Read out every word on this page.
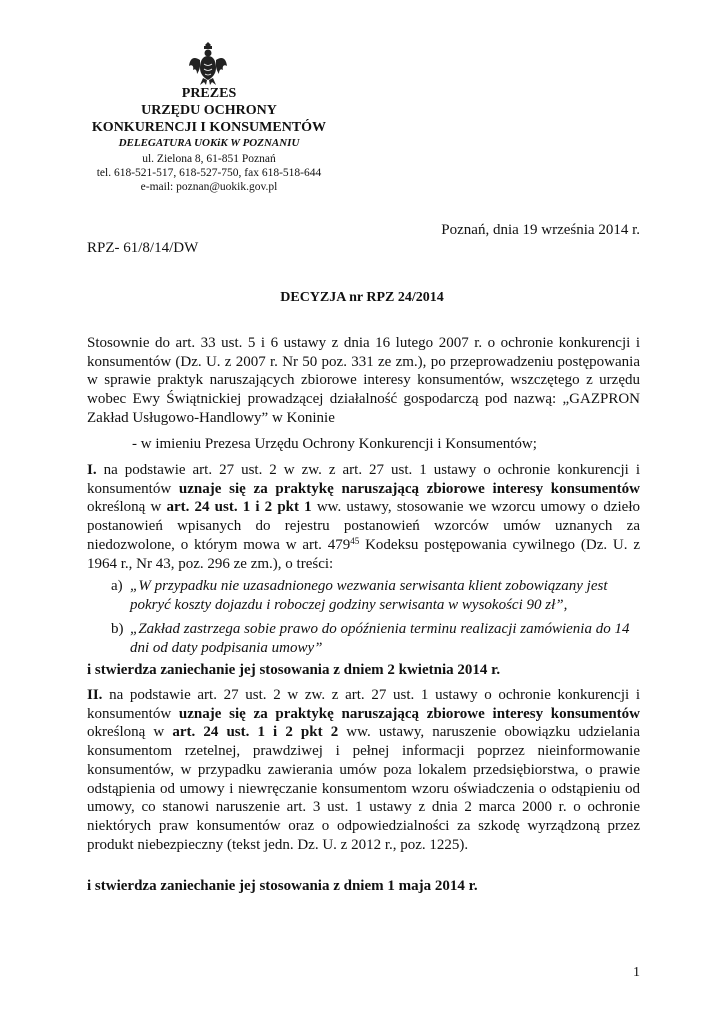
PREZES
URZĘDU OCHRONY
KONKURENCJI I KONSUMENTÓW
DELEGATURA UOKiK W POZNANIU
ul. Zielona 8, 61-851 Poznań
tel. 618-521-517, 618-527-750, fax 618-518-644
e-mail: poznan@uokik.gov.pl
Poznań, dnia 19 września 2014 r.
RPZ- 61/8/14/DW
DECYZJA nr RPZ 24/2014
Stosownie do art. 33 ust. 5 i 6 ustawy z dnia 16 lutego 2007 r. o ochronie konkurencji i konsumentów (Dz. U. z 2007 r. Nr 50 poz. 331 ze zm.), po przeprowadzeniu postępowania w sprawie praktyk naruszających zbiorowe interesy konsumentów, wszczętego z urzędu wobec Ewy Świątnickiej prowadzącej działalność gospodarczą pod nazwą: „GAZPRON Zakład Usługowo-Handlowy” w Koninie
- w imieniu Prezesa Urzędu Ochrony Konkurencji i Konsumentów;
I. na podstawie art. 27 ust. 2 w zw. z art. 27 ust. 1 ustawy o ochronie konkurencji i konsumentów uznaje się za praktykę naruszającą zbiorowe interesy konsumentów określoną w art. 24 ust. 1 i 2 pkt 1 ww. ustawy, stosowanie we wzorcu umowy o dzieło postanowień wpisanych do rejestru postanowień wzorców umów uznanych za niedozwolone, o którym mowa w art. $479^{45}$ Kodeksu postępowania cywilnego (Dz. U. z 1964 r., Nr 43, poz. 296 ze zm.), o treści:
a) „W przypadku nie uzasadnionego wezwania serwisanta klient zobowiązany jest pokryć koszty dojazdu i roboczej godziny serwisanta w wysokości 90 zł”,
b) „Zakład zastrzega sobie prawo do opóźnienia terminu realizacji zamówienia do 14 dni od daty podpisania umowy”
i stwierdza zaniechanie jej stosowania z dniem 2 kwietnia 2014 r.
II. na podstawie art. 27 ust. 2 w zw. z art. 27 ust. 1 ustawy o ochronie konkurencji i konsumentów uznaje się za praktykę naruszającą zbiorowe interesy konsumentów określoną w art. 24 ust. 1 i 2 pkt 2 ww. ustawy, naruszenie obowiązku udzielania konsumentom rzetelnej, prawdziwej i pełnej informacji poprzez nieinformowanie konsumentów, w przypadku zawierania umów poza lokalem przedsiębiorstwa, o prawie odstąpienia od umowy i niewręczanie konsumentom wzoru oświadczenia o odstąpieniu od umowy, co stanowi naruszenie art. 3 ust. 1 ustawy z dnia 2 marca 2000 r. o ochronie niektórych praw konsumentów oraz o odpowiedzialności za szkodę wyrządzoną przez produkt niebezpieczny (tekst jedn. Dz. U. z 2012 r., poz. 1225).
i stwierdza zaniechanie jej stosowania z dniem 1 maja 2014 r.
1
